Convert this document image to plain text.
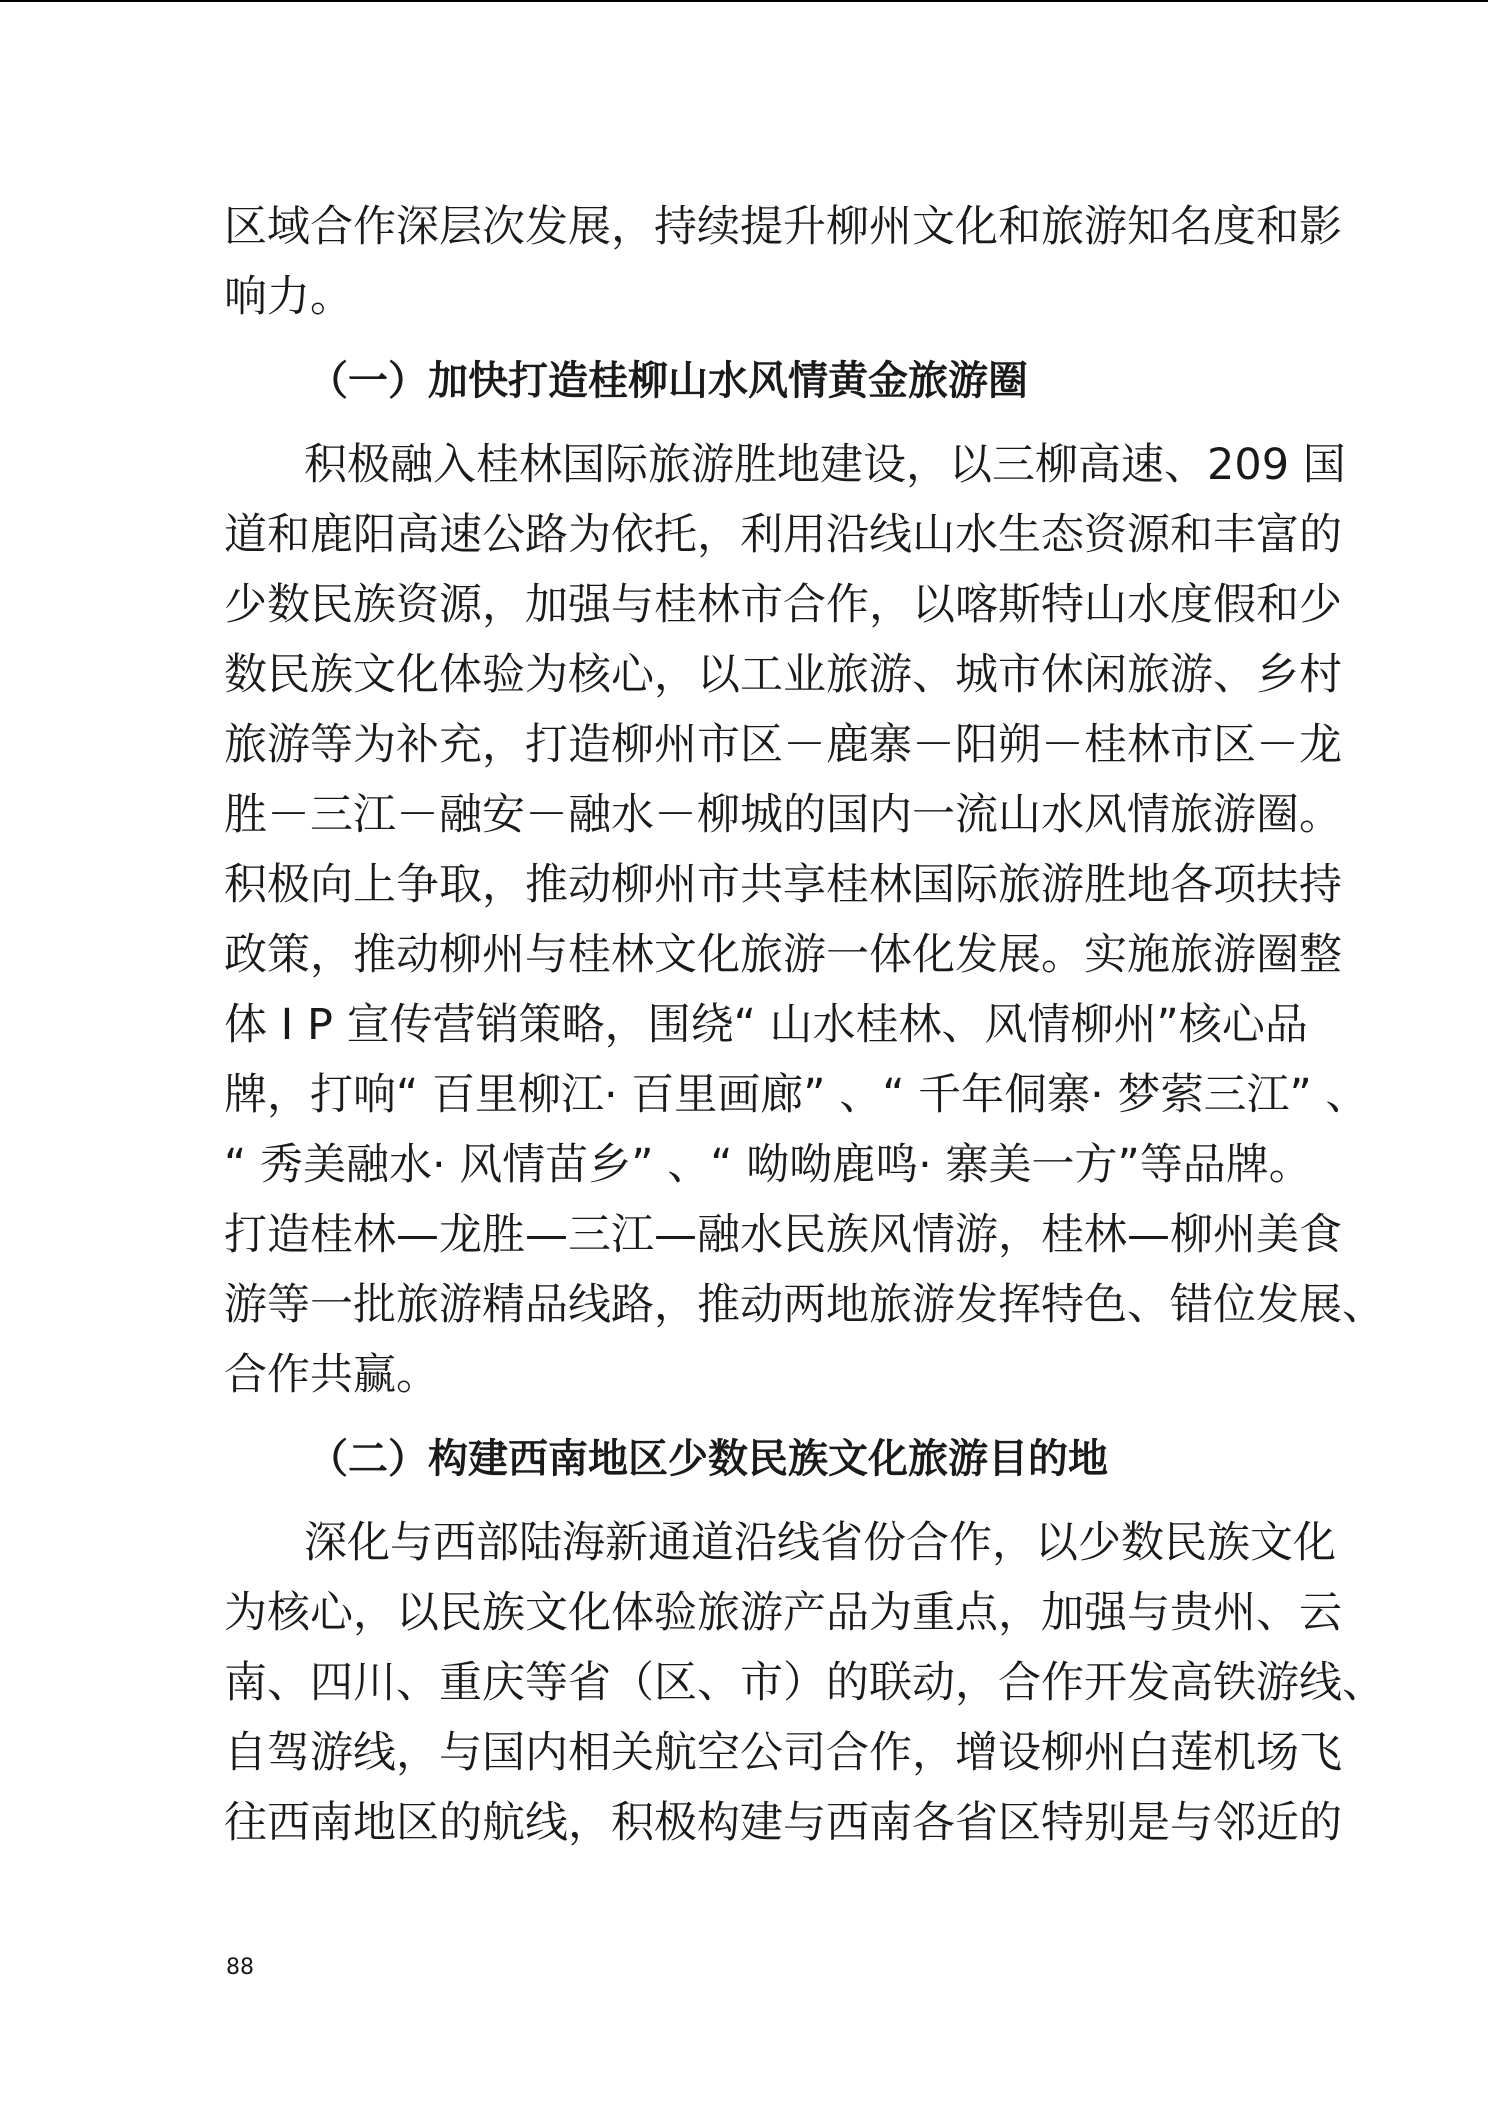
区域合作深层次发展，持续提升柳州文化和旅游知名度和影
响力。
（一）加快打造桂柳山水风情黄金旅游圈
积极融入桂林国际旅游胜地建设，以三柳高速、209 国
道和鹿阳高速公路为依托，利用沿线山水生态资源和丰富的
少数民族资源，加强与桂林市合作，以喀斯特山水度假和少
数民族文化体验为核心，以工业旅游、城市休闲旅游、乡村
旅游等为补充，打造柳州市区－鹿寨－阳朔－桂林市区－龙
胜－三江－融安－融水－柳城的国内一流山水风情旅游圈。
积极向上争取，推动柳州市共享桂林国际旅游胜地各项扶持
政策，推动柳州与桂林文化旅游一体化发展。实施旅游圈整
体 I P 宣传营销策略，围绕“ 山水桂林、风情柳州”核心品
牌，打响“ 百里柳江· 百里画廊” 、“ 千年侗寨· 梦萦三江” 、
“ 秀美融水· 风情苗乡” 、“ 呦呦鹿鸣· 寨美一方”等品牌。
打造桂林—龙胜—三江—融水民族风情游，桂林—柳州美食
游等一批旅游精品线路，推动两地旅游发挥特色、错位发展、
合作共赢。
（二）构建西南地区少数民族文化旅游目的地
深化与西部陆海新通道沿线省份合作，以少数民族文化
为核心，以民族文化体验旅游产品为重点，加强与贵州、云
南、四川、重庆等省（区、市）的联动，合作开发高铁游线、
自驾游线，与国内相关航空公司合作，增设柳州白莲机场飞
往西南地区的航线，积极构建与西南各省区特别是与邻近的
88
